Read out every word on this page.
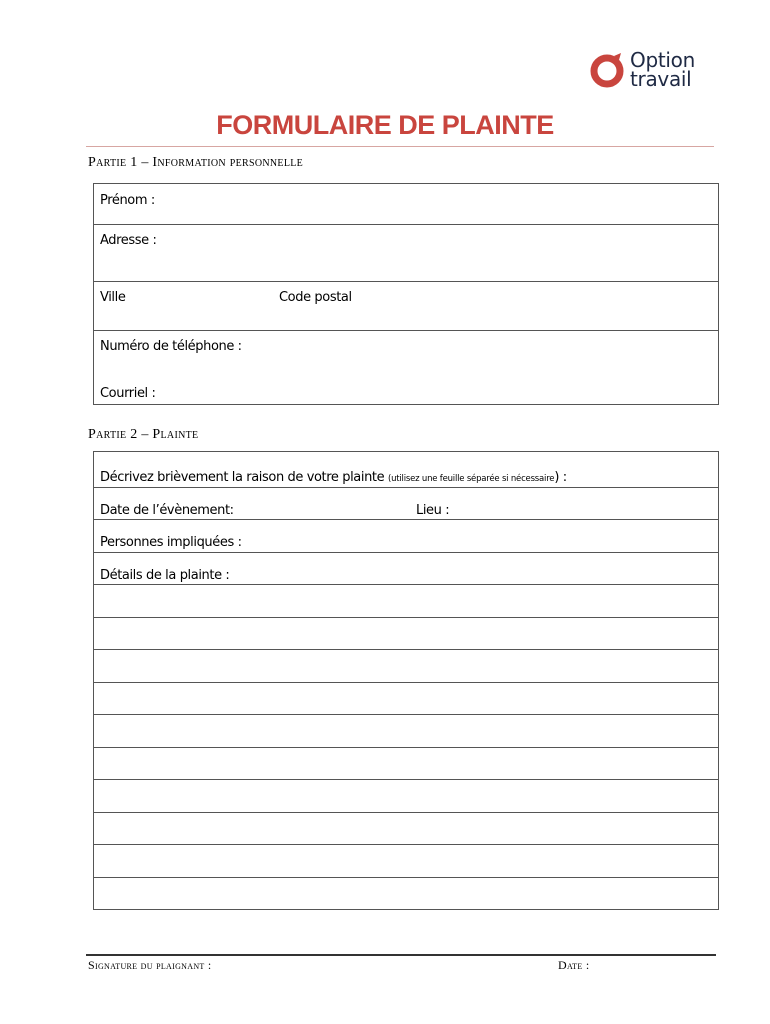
Option
travail
FORMULAIRE DE PLAINTE
Partie 1 – Information personnelle
Prénom :
Adresse :
Ville	Code postal
Numéro de téléphone :
Courriel :
Partie 2 – Plainte
Décrivez brièvement la raison de votre plainte (utilisez une feuille séparée si nécessaire) :
Date de l’évènement:	Lieu :
Personnes impliquées :
Détails de la plainte :
Signature du plaignant :	Date :
